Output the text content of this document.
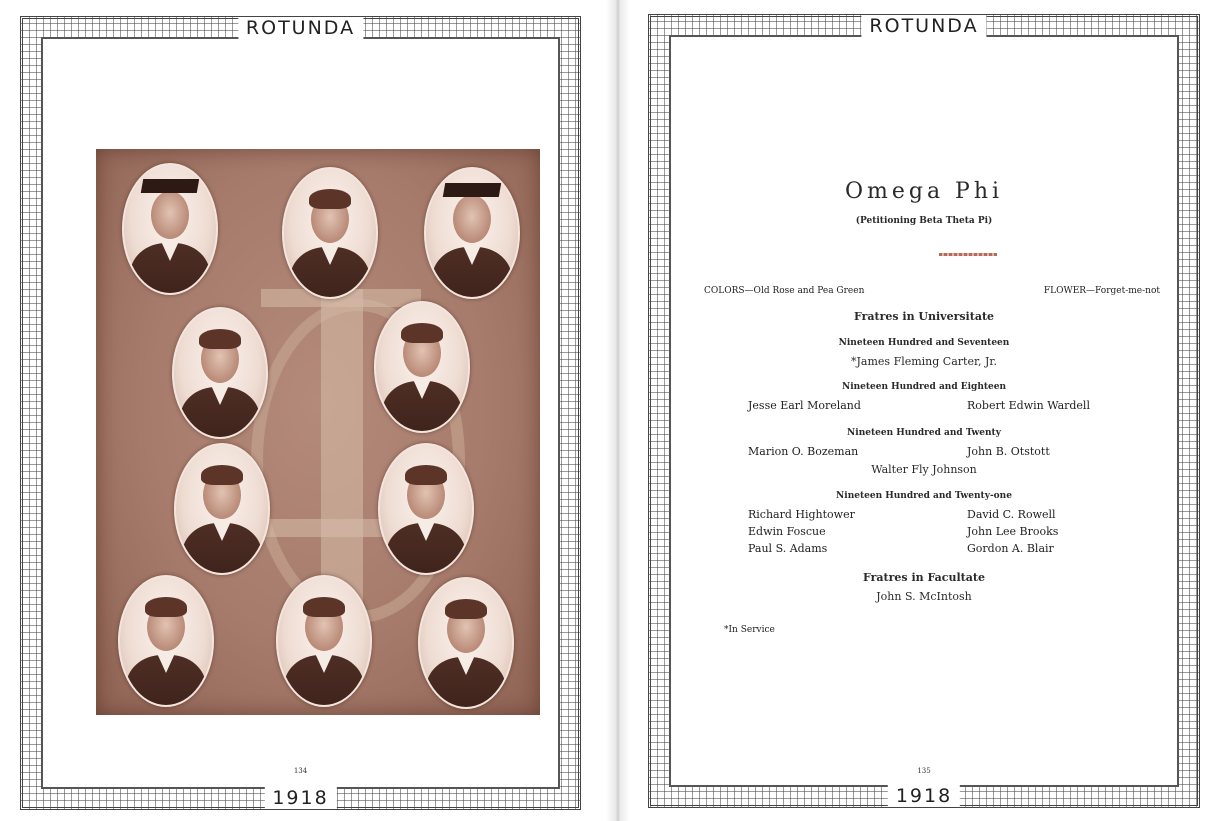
134
ROTUNDA
1918
Omega Phi
(Petitioning Beta Theta Pi)
COLORS—Old Rose and Pea Green	FLOWER—Forget-me-not
Fratres in Universitate
Nineteen Hundred and Seventeen
*James Fleming Carter, Jr.
Nineteen Hundred and Eighteen
Jesse Earl Moreland	Robert Edwin Wardell
Nineteen Hundred and Twenty
Marion O. Bozeman	John B. Otstott
Walter Fly Johnson
Nineteen Hundred and Twenty-one
Richard Hightower	David C. Rowell
Edwin Foscue	John Lee Brooks
Paul S. Adams	Gordon A. Blair
Fratres in Facultate
John S. McIntosh
*In Service
135
ROTUNDA
1918
